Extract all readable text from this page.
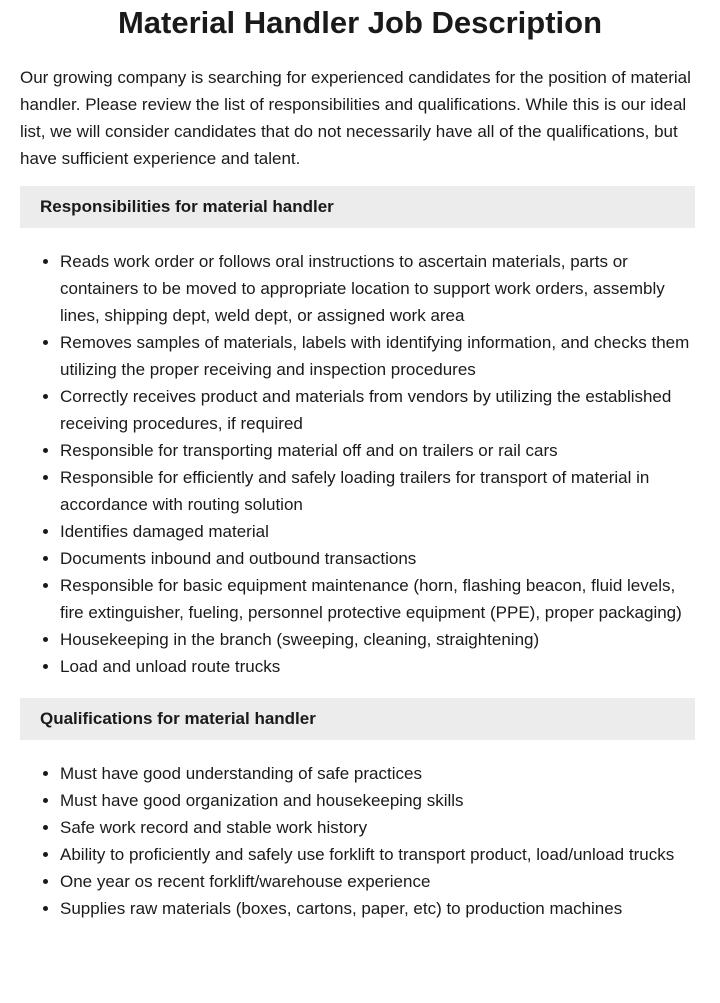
Material Handler Job Description

Our growing company is searching for experienced candidates for the position of material handler. Please review the list of responsibilities and qualifications. While this is our ideal list, we will consider candidates that do not necessarily have all of the qualifications, but have sufficient experience and talent.

Responsibilities for material handler
• Reads work order or follows oral instructions to ascertain materials, parts or containers to be moved to appropriate location to support work orders, assembly lines, shipping dept, weld dept, or assigned work area
• Removes samples of materials, labels with identifying information, and checks them utilizing the proper receiving and inspection procedures
• Correctly receives product and materials from vendors by utilizing the established receiving procedures, if required
• Responsible for transporting material off and on trailers or rail cars
• Responsible for efficiently and safely loading trailers for transport of material in accordance with routing solution
• Identifies damaged material
• Documents inbound and outbound transactions
• Responsible for basic equipment maintenance (horn, flashing beacon, fluid levels, fire extinguisher, fueling, personnel protective equipment (PPE), proper packaging)
• Housekeeping in the branch (sweeping, cleaning, straightening)
• Load and unload route trucks
Qualifications for material handler
• Must have good understanding of safe practices
• Must have good organization and housekeeping skills
• Safe work record and stable work history
• Ability to proficiently and safely use forklift to transport product, load/unload trucks
• One year os recent forklift/warehouse experience
• Supplies raw materials (boxes, cartons, paper, etc) to production machines
